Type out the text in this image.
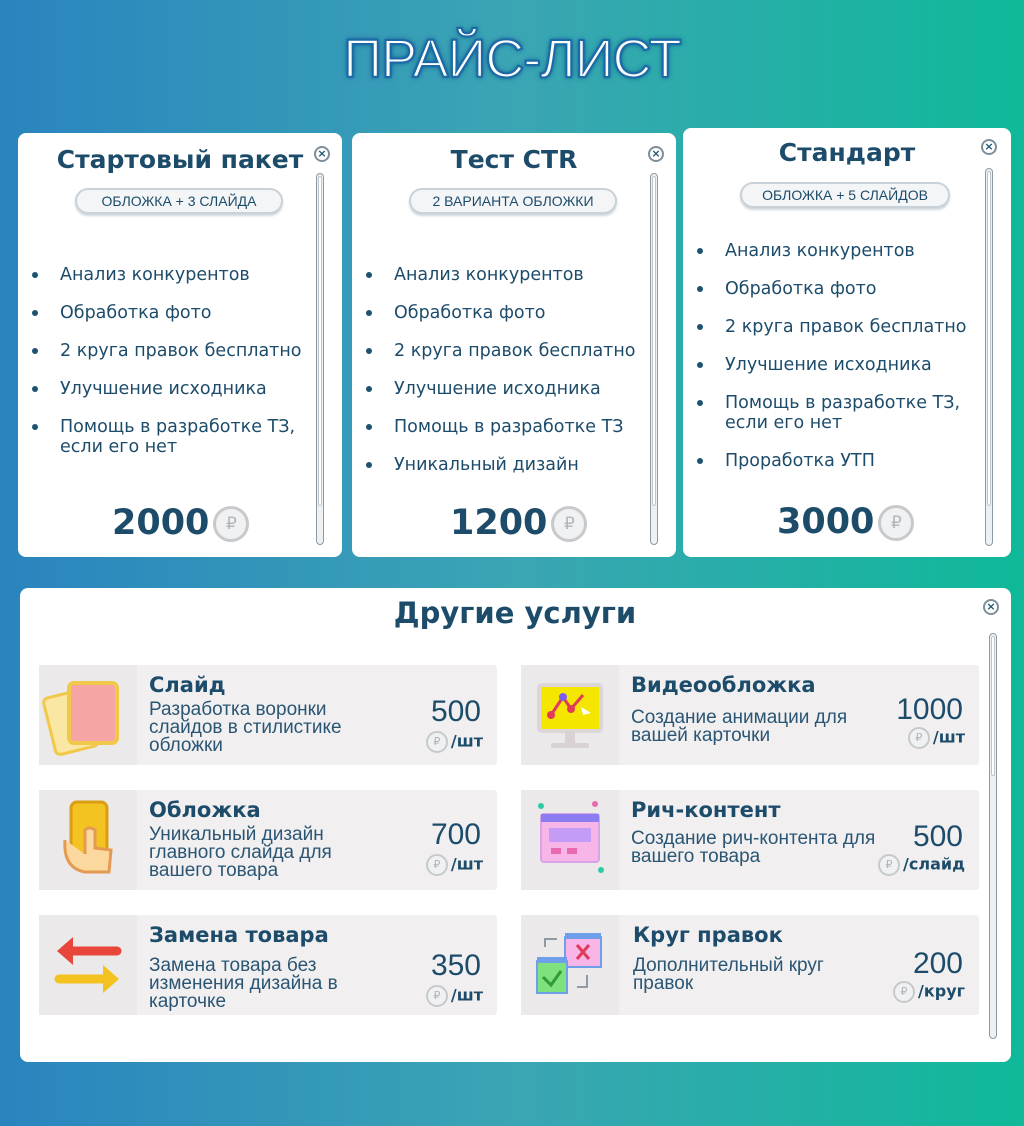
ПРАЙС-ЛИСТ
×
Стартовый пакет
ОБЛОЖКА + 3 СЛАЙДА
Анализ конкурентов
Обработка фото
2 круга правок бесплатно
Улучшение исходника
Помощь в разработке ТЗ, если его нет
2000 ₽
×
Тест CTR
2 ВАРИАНТА ОБЛОЖКИ
Анализ конкурентов
Обработка фото
2 круга правок бесплатно
Улучшение исходника
Помощь в разработке ТЗ
Уникальный дизайн
1200 ₽
×
Стандарт
ОБЛОЖКА + 5 СЛАЙДОВ
Анализ конкурентов
Обработка фото
2 круга правок бесплатно
Улучшение исходника
Помощь в разработке ТЗ, если его нет
Проработка УТП
3000 ₽
×
Другие услуги
Слайд
Разработка воронки слайдов в стилистике обложки
500
₽ /шт
Видеообложка
Создание анимации для вашей карточки
1000
₽ /шт
Обложка
Уникальный дизайн главного слайда для вашего товара
700
₽ /шт
Рич-контент
Создание рич-контента для вашего товара
500
₽ /слайд
Замена товара
Замена товара без изменения дизайна в карточке
350
₽ /шт
Круг правок
Дополнительный круг правок
200
₽ /круг
